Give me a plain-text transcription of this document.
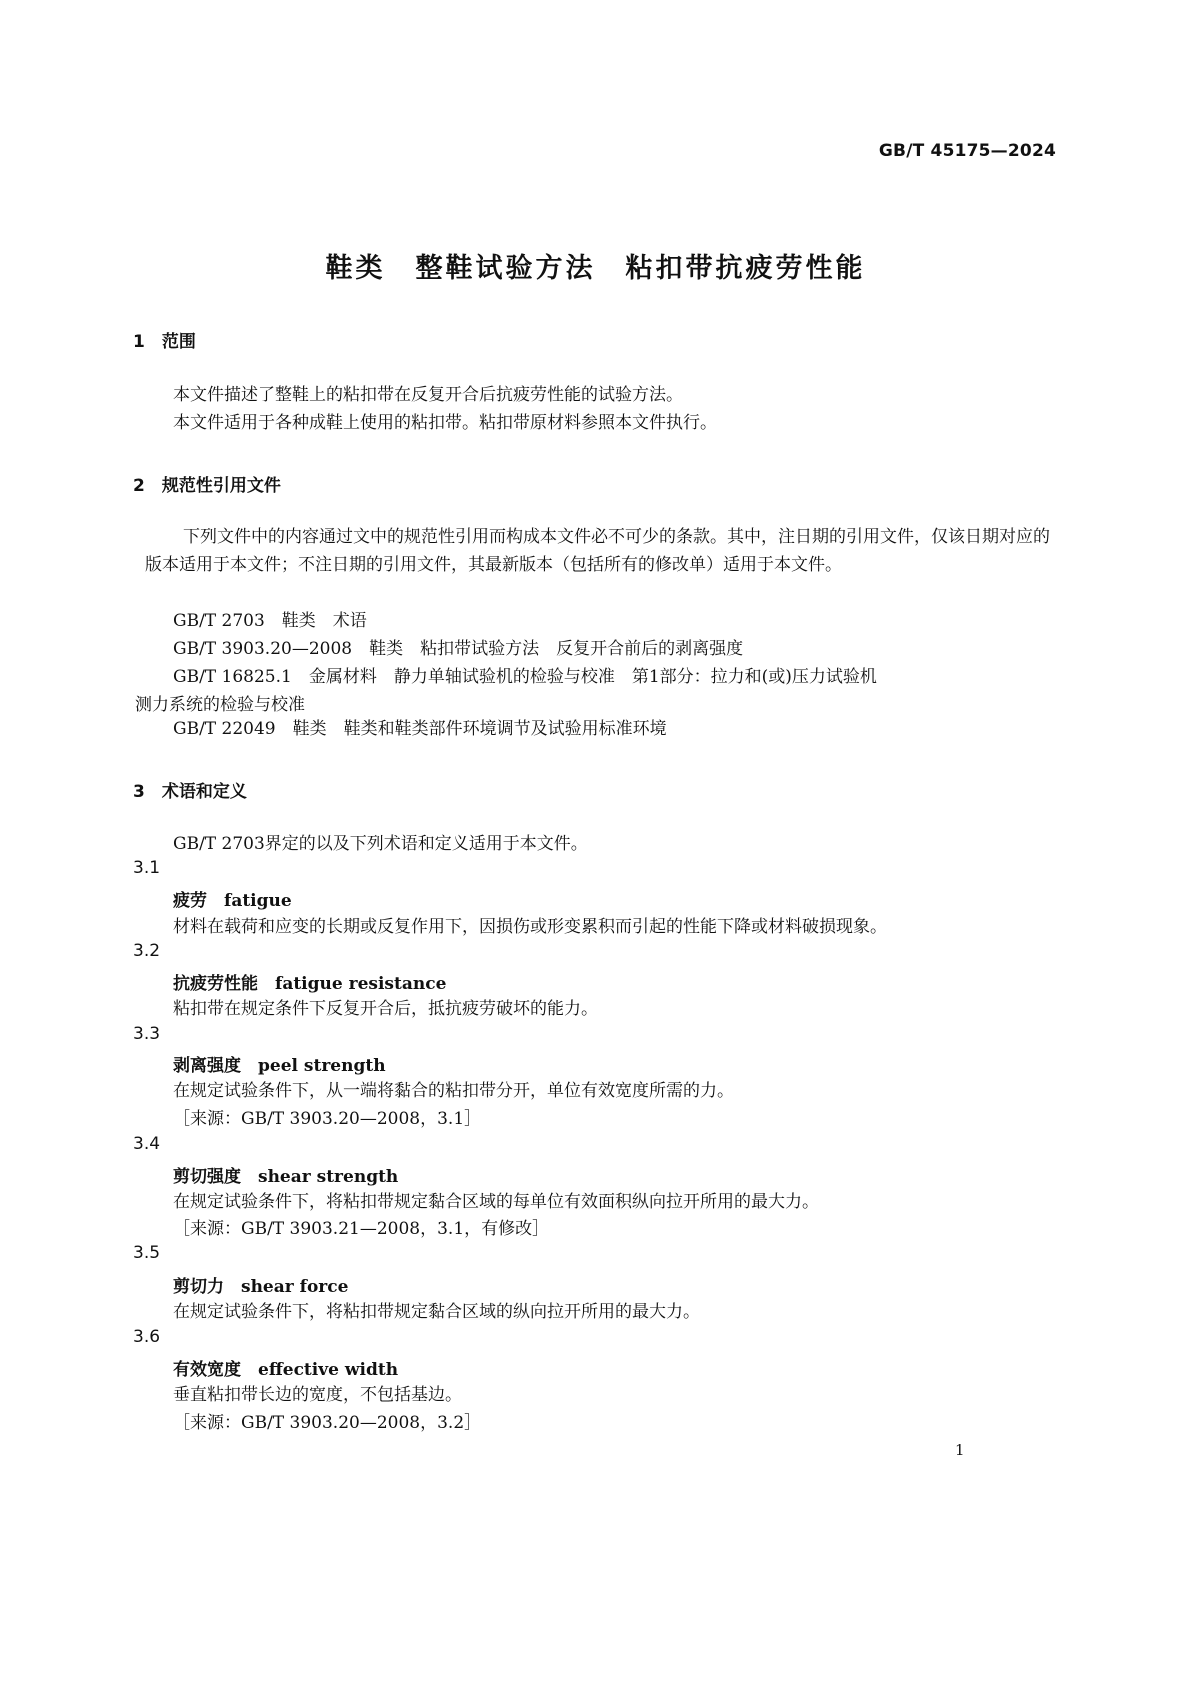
GB/T 45175—2024
鞋类　整鞋试验方法　粘扣带抗疲劳性能
1　范围
本文件描述了整鞋上的粘扣带在反复开合后抗疲劳性能的试验方法。
本文件适用于各种成鞋上使用的粘扣带。粘扣带原材料参照本文件执行。
2　规范性引用文件
下列文件中的内容通过文中的规范性引用而构成本文件必不可少的条款。其中，注日期的引用文件，仅该日期对应的版本适用于本文件；不注日期的引用文件，其最新版本（包括所有的修改单）适用于本文件。
GB/T 2703　鞋类　术语
GB/T 3903.20—2008　鞋类　粘扣带试验方法　反复开合前后的剥离强度
GB/T 16825.1　金属材料　静力单轴试验机的检验与校准　第1部分：拉力和(或)压力试验机
测力系统的检验与校准
GB/T 22049　鞋类　鞋类和鞋类部件环境调节及试验用标准环境
3　术语和定义
GB/T 2703界定的以及下列术语和定义适用于本文件。
3.1
疲劳　fatigue
材料在载荷和应变的长期或反复作用下，因损伤或形变累积而引起的性能下降或材料破损现象。
3.2
抗疲劳性能　fatigue resistance
粘扣带在规定条件下反复开合后，抵抗疲劳破坏的能力。
3.3
剥离强度　peel strength
在规定试验条件下，从一端将黏合的粘扣带分开，单位有效宽度所需的力。
［来源：GB/T 3903.20—2008，3.1］
3.4
剪切强度　shear strength
在规定试验条件下，将粘扣带规定黏合区域的每单位有效面积纵向拉开所用的最大力。
［来源：GB/T 3903.21—2008，3.1，有修改］
3.5
剪切力　shear force
在规定试验条件下，将粘扣带规定黏合区域的纵向拉开所用的最大力。
3.6
有效宽度　effective width
垂直粘扣带长边的宽度，不包括基边。
［来源：GB/T 3903.20—2008，3.2］
1
